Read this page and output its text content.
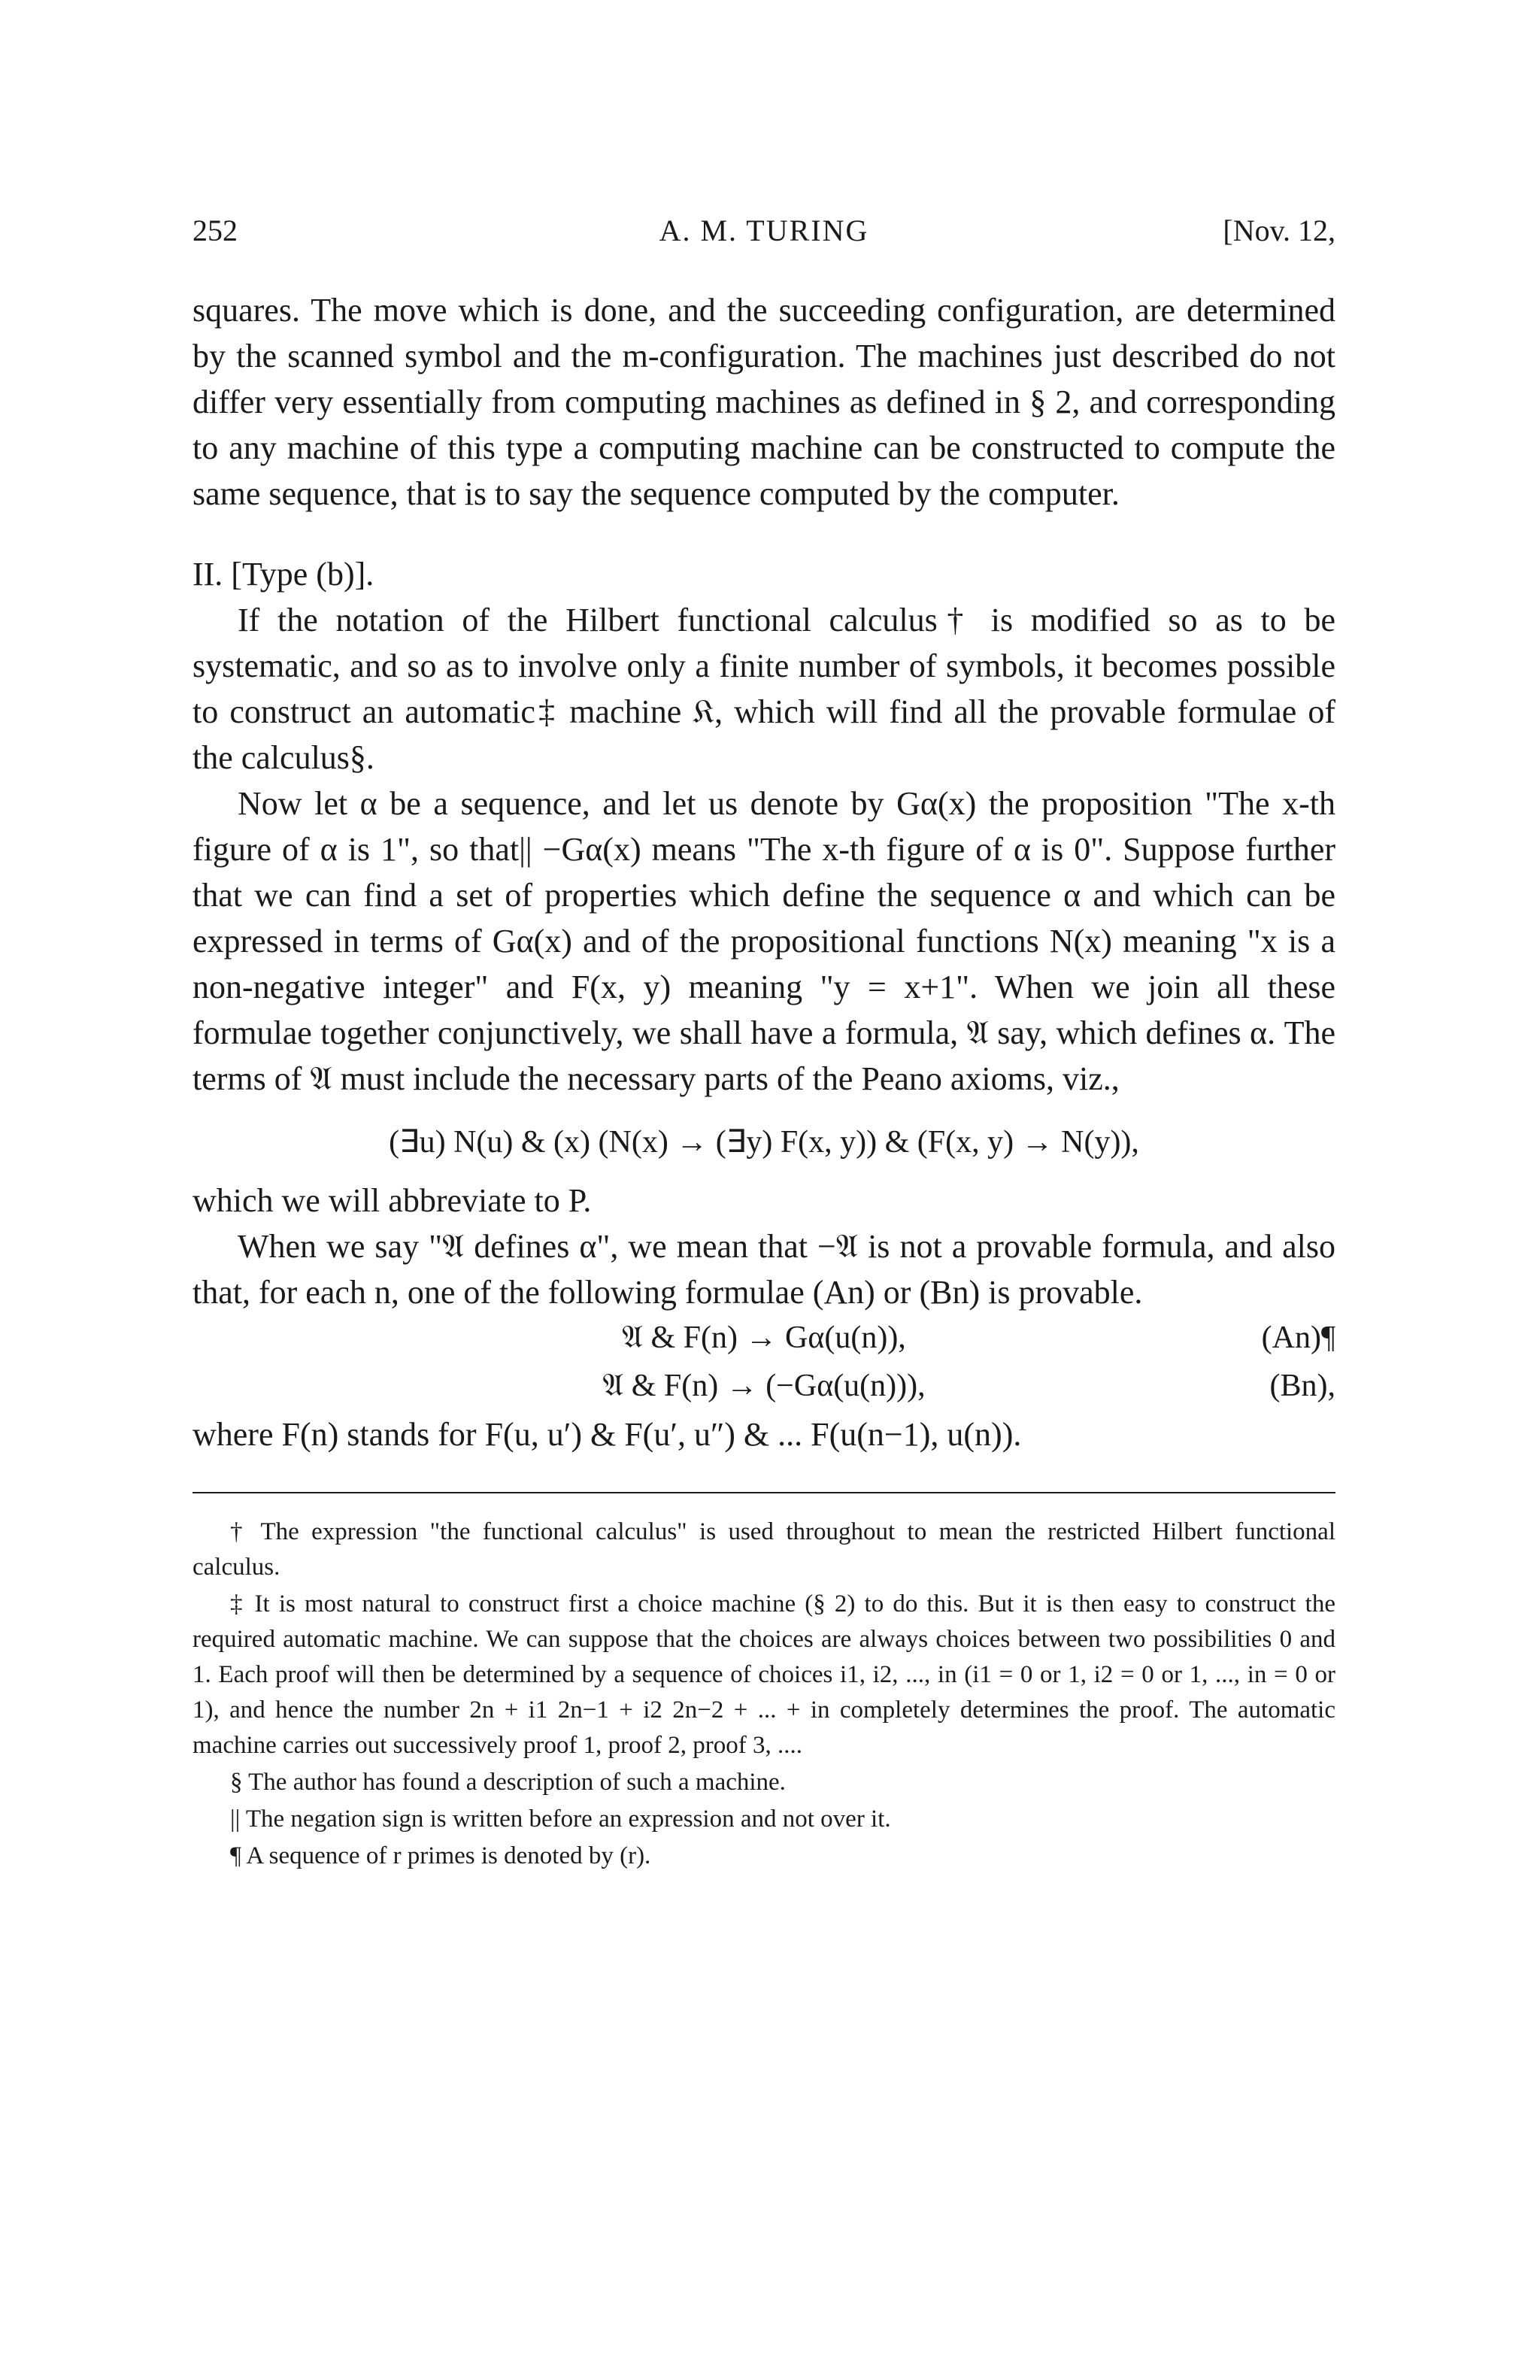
252	A. M. TURING	[Nov. 12,

squares. The move which is done, and the succeeding configuration, are determined by the scanned symbol and the m-configuration. The machines just described do not differ very essentially from computing machines as defined in § 2, and corresponding to any machine of this type a computing machine can be constructed to compute the same sequence, that is to say the sequence computed by the computer.

II. [Type (b)].

If the notation of the Hilbert functional calculus† is modified so as to be systematic, and so as to involve only a finite number of symbols, it becomes possible to construct an automatic‡ machine 𝔎, which will find all the provable formulae of the calculus§.

Now let α be a sequence, and let us denote by Gα(x) the proposition "The x-th figure of α is 1", so that|| −Gα(x) means "The x-th figure of α is 0". Suppose further that we can find a set of properties which define the sequence α and which can be expressed in terms of Gα(x) and of the propositional functions N(x) meaning "x is a non-negative integer" and F(x, y) meaning "y = x+1". When we join all these formulae together conjunctively, we shall have a formula, 𝔄 say, which defines α. The terms of 𝔄 must include the necessary parts of the Peano axioms, viz.,

(∃u) N(u) & (x) (N(x) → (∃y) F(x, y)) & (F(x, y) → N(y)),

which we will abbreviate to P.

When we say "𝔄 defines α", we mean that −𝔄 is not a provable formula, and also that, for each n, one of the following formulae (An) or (Bn) is provable.

𝔄 & F(n) → Gα(u(n)),	(An)¶
𝔄 & F(n) → (−Gα(u(n))),	(Bn),

where F(n) stands for F(u, u′) & F(u′, u″) & ... F(u(n−1), u(n)).

† The expression "the functional calculus" is used throughout to mean the restricted Hilbert functional calculus.

‡ It is most natural to construct first a choice machine (§ 2) to do this. But it is then easy to construct the required automatic machine. We can suppose that the choices are always choices between two possibilities 0 and 1. Each proof will then be determined by a sequence of choices i1, i2, ..., in (i1 = 0 or 1, i2 = 0 or 1, ..., in = 0 or 1), and hence the number 2n + i1 2n−1 + i2 2n−2 + ... + in completely determines the proof. The automatic machine carries out successively proof 1, proof 2, proof 3, ....

§ The author has found a description of such a machine.

|| The negation sign is written before an expression and not over it.

¶ A sequence of r primes is denoted by (r).
